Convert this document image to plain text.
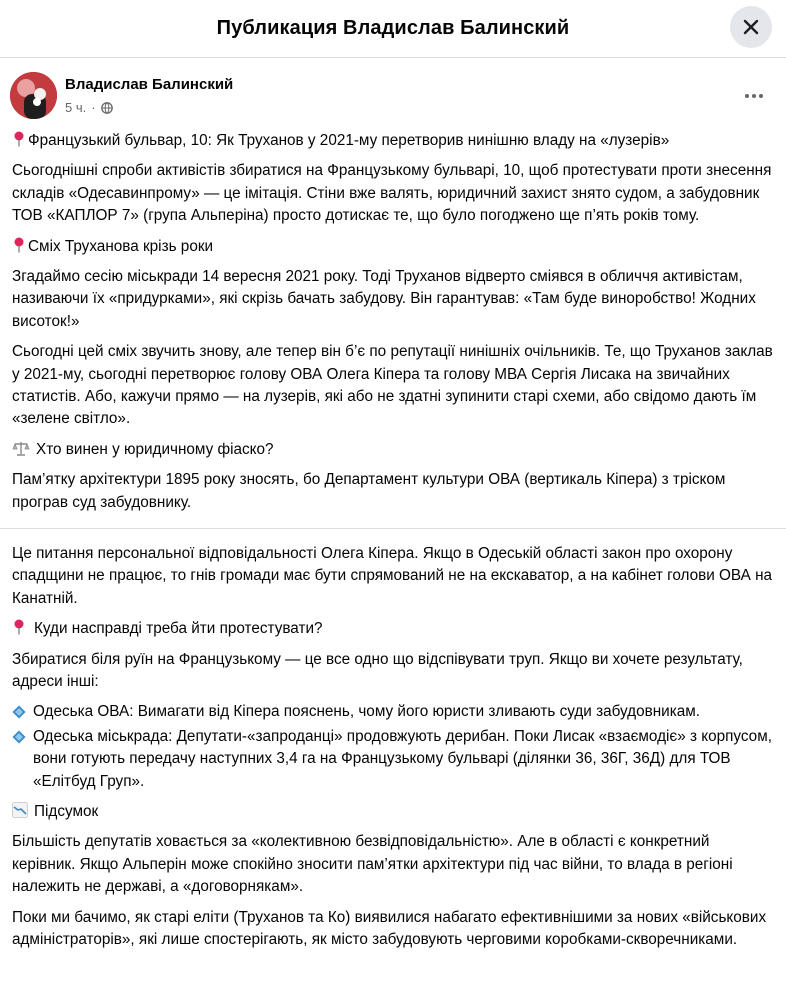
Публикация Владислав Балинский
Владислав Балинский
5 ч. ·
Французький бульвар, 10: Як Труханов у 2021-му перетворив нинішню владу на «лузерів»
Сьогоднішні спроби активістів збиратися на Французькому бульварі, 10, щоб протестувати проти знесення складів «Одесавинпрому» — це імітація. Стіни вже валять, юридичний захист знято судом, а забудовник ТОВ «КАПЛОР 7» (група Альперіна) просто дотискає те, що було погоджено ще п’ять років тому.
Сміх Труханова крізь роки
Згадаймо сесію міськради 14 вересня 2021 року. Тоді Труханов відверто сміявся в обличчя активістам, називаючи їх «придурками», які скрізь бачать забудову. Він гарантував: «Там буде виноробство! Жодних висоток!»
Сьогодні цей сміх звучить знову, але тепер він б’є по репутації нинішніх очільників. Те, що Труханов заклав у 2021-му, сьогодні перетворює голову ОВА Олега Кіпера та голову МВА Сергія Лисака на звичайних статистів. Або, кажучи прямо — на лузерів, які або не здатні зупинити старі схеми, або свідомо дають їм «зелене світло».
Хто винен у юридичному фіаско?
Пам’ятку архітектури 1895 року зносять, бо Департамент культури ОВА (вертикаль Кіпера) з тріском програв суд забудовнику.
Це питання персональної відповідальності Олега Кіпера. Якщо в Одеській області закон про охорону спадщини не працює, то гнів громади має бути спрямований не на екскаватор, а на кабінет голови ОВА на Канатній.
Куди насправді треба йти протестувати?
Збиратися біля руїн на Французькому — це все одно що відспівувати труп. Якщо ви хочете результату, адреси інші:
Одеська ОВА: Вимагати від Кіпера пояснень, чому його юристи зливають суди забудовникам.
Одеська міськрада: Депутати-«запроданці» продовжують дерибан. Поки Лисак «взаємодіє» з корпусом, вони готують передачу наступних 3,4 га на Французькому бульварі (ділянки 36, 36Г, 36Д) для ТОВ «Елітбуд Груп».
Підсумок
Більшість депутатів ховається за «колективною безвідповідальністю». Але в області є конкретний керівник. Якщо Альперін може спокійно зносити пам’ятки архітектури під час війни, то влада в регіоні належить не державі, а «договорнякам».
Поки ми бачимо, як старі еліти (Труханов та Ко) виявилися набагато ефективнішими за нових «військових адміністраторів», які лише спостерігають, як місто забудовують черговими коробками-скворечниками.
